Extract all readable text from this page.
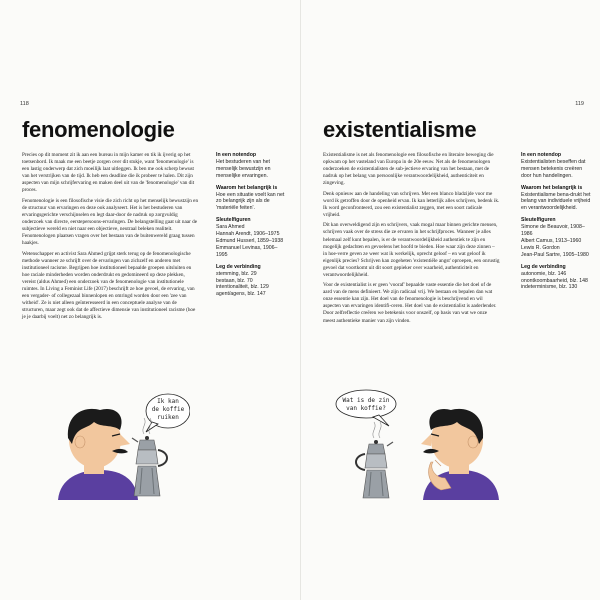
118
fenomenologie

Precies op dit moment zit ik aan een bureau in mijn kamer en tik ik ijverig op het toetsenbord. Ik maak me een beetje zorgen over dit stukje, want 'fenomenologie' is een lastig onderwerp dat zich moeilijk laat uitleggen. Ik ben me ook scherp bewust van het verstrijken van de tijd. Ik heb een deadline die ik probeer te halen. Dit zijn aspecten van mijn schrijfervaring en maken deel uit van de 'fenomenologie' van dit proces.

Fenomenologie is een filosofische visie die zich richt op het menselijk bewustzijn en de structuur van ervaringen en deze ook analyseert. Het is het bestuderen van ervaringsgerichte verschijnselen en legt daar-door de nadruk op zorgvuldig onderzoek van directe, eerstepersoons-ervaringen. De belangstelling gaat uit naar de subjectieve wereld en niet naar een objectieve, neutraal beleken realiteit. Fenomenologen plaatsen vragen over het bestaan van de buitenwereld graag tussen haakjes.

Wetenschapper en activist Sara Ahmed grijpt sterk terug op de fenomenologische methode wanneer ze schrijft over de ervaringen van zichzelf en anderen met institutioneel racisme. Begrijpen hoe institutioneel bepaalde groepen uitsluiten en hoe raciale minderheden worden onderdrukt en gedomineerd op deze plekken, vereist (aldus Ahmed) een onderzoek van de fenomenologie van institutionele ruimtes. In Living a Feminist Life (2017) beschrijft ze hoe gevoel, de ervaring, van een vergader- of collegezaal binnenlopen en omringd worden door een 'zee van witheid'. Ze is niet alleen geïnteresseerd in een conceptuele analyse van de structuren, maar zegt ook dat de affectieve dimensie van institutioneel racisme (hoe je je daarbij voelt) net zo belangrijk is.

In een notendop
Het bestuderen van het menselijk bewustzijn en menselijke ervaringen.
Waarom het belangrijk is
Hoe een situatie voelt kan net zo belangrijk zijn als de 'materiële feiten'.
Sleutelfiguren
Sara Ahmed
Hannah Arendt, 1906–1975
Edmund Husserl, 1859–1938
Emmanuel Levinas, 1906–1995
Leg de verbinding
stemming, blz. 29
bestaan, blz. 70
intentionaliteit, blz. 129
agent/agens, blz. 147
Ik kan
de koffie
ruiken
119
existentialisme

Existentialisme is net als fenomenologie een filosofische en literaire beweging die opkwam op het vasteland van Europa in de 20e eeuw. Net als de fenomenologen onderzoeken de existentialisten de sub-jectieve ervaring van het bestaan, met de nadruk op het belang van persoonlijke verantwoordelijkheid, authenticiteit en zingeving.

Denk opnieuw aan de handeling van schrijven. Met een blanco bladzijde voor me word ik getroffen door de openheid ervan. Ik kan letterlijk alles schrijven, bedenk ik. Ik word geconfronteerd, zou een existentialist zeggen, met een soort radicale vrijheid.

Dit kan overweldigend zijn en schrijvers, vaak mogal maar binnen gerichte mensen, schrijven vaak over de stress die ze ervaren in het schrijfproces. Wanneer je alles helemaal zelf kunt bepalen, is er de verantwoordelijkheid authentiek te zijn en mogelijk gedachten en gevoelens het hoofd te bieden. Hoe waar zijn deze zinnen – in hoe-verre geven ze weer wat ik werkelijk, oprecht geloof – en wat geloof ik eigenlijk precies? Schrijven kan zogeheten 'existentiële angst' oproepen, een onrustig gevoel dat voortkomt uit dit soort gepieker over waarheid, authenticiteit en verantwoordelijkheid.

Voor de existentialist is er geen 'vooraf' bepaalde vaste essentie die het doel of de aard van de mens definieert. We zijn radicaal vrij. We bestaan en bepalen dan wat onze essentie kan zijn. Het doel van de fenomenologie is beschrijvend en wil aspecten van ervaringen identifi-ceren. Het doel van de existentialist is aaderlender. Door zelfreflectie creëren we betekenis voor onszelf, op basis van wat we onze meest authentieke manier van zijn vinden.

In een notendop
Existentialisten beseffen dat mensen betekenis creëren door hun handelingen.
Waarom het belangrijk is
Existentialisme bena-drukt het belang van individuele vrijheid en verantwoordelijkheid.
Sleutelfiguren
Simone de Beauvoir, 1908–1986
Albert Camus, 1913–1960
Lewis R. Gordon
Jean-Paul Sartre, 1905–1980
Leg de verbinding
autonomie, blz. 146
onontkoombaarheid, blz. 148
indeterminisme, blz. 130
Wat is de zin
van koffie?
